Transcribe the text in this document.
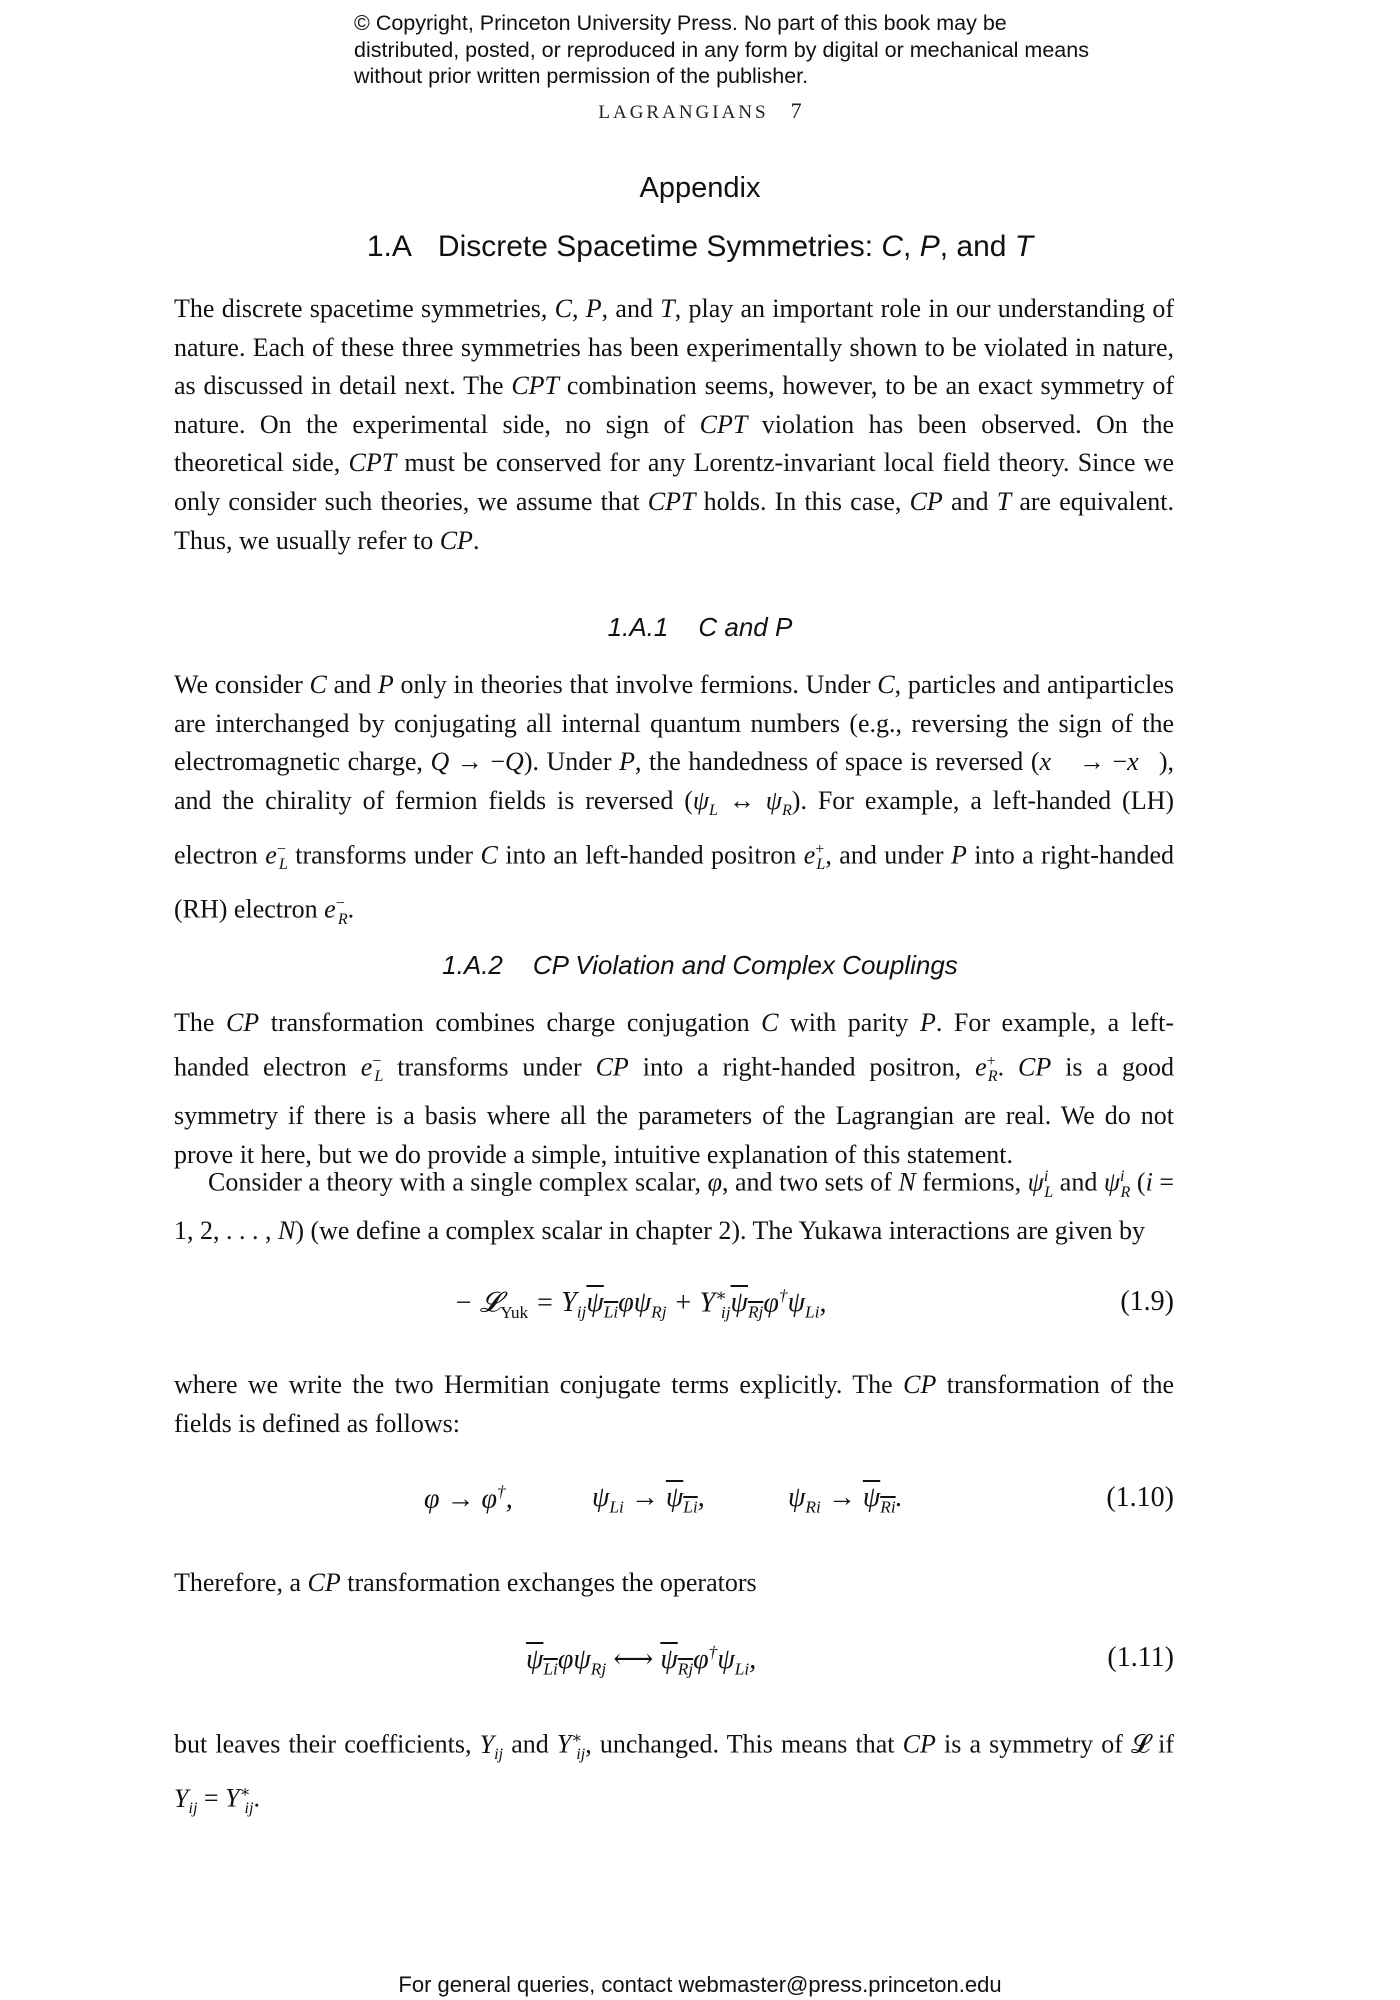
© Copyright, Princeton University Press. No part of this book may be distributed, posted, or reproduced in any form by digital or mechanical means without prior written permission of the publisher.
LAGRANGIANS 7
Appendix
1.A Discrete Spacetime Symmetries: C, P, and T
The discrete spacetime symmetries, C, P, and T, play an important role in our understanding of nature. Each of these three symmetries has been experimentally shown to be violated in nature, as discussed in detail next. The CPT combination seems, however, to be an exact symmetry of nature. On the experimental side, no sign of CPT violation has been observed. On the theoretical side, CPT must be conserved for any Lorentz-invariant local field theory. Since we only consider such theories, we assume that CPT holds. In this case, CP and T are equivalent. Thus, we usually refer to CP.
1.A.1 C and P
We consider C and P only in theories that involve fermions. Under C, particles and antiparticles are interchanged by conjugating all internal quantum numbers (e.g., reversing the sign of the electromagnetic charge, Q → −Q). Under P, the handedness of space is reversed (x⃗ → −x⃗), and the chirality of fermion fields is reversed ($\psi_L$ ↔ $\psi_R$). For example, a left-handed (LH) electron $e^-_L$ transforms under C into an left-handed positron $e^+_L$, and under P into a right-handed (RH) electron $e^-_R$.
1.A.2 CP Violation and Complex Couplings
The CP transformation combines charge conjugation C with parity P. For example, a left-handed electron $e^-_L$ transforms under CP into a right-handed positron, $e^+_R$. CP is a good symmetry if there is a basis where all the parameters of the Lagrangian are real. We do not prove it here, but we do provide a simple, intuitive explanation of this statement.
Consider a theory with a single complex scalar, φ, and two sets of N fermions, $\psi^i_L$ and $\psi^i_R$ (i = 1, 2, . . . , N) (we define a complex scalar in chapter 2). The Yukawa interactions are given by
− 𝓛$_{Yuk}$ = $Y_{ij}\psi_{Li}\varphi\psi_{Rj} + Y^∗_{ij}\psi_{Rj}\varphi^\dagger\psi_{Li}$,	(1.9)
where we write the two Hermitian conjugate terms explicitly. The CP transformation of the fields is defined as follows:
φ → φ†,	$\psi_{Li} \to \psi_{Li}$,	$\psi_{Ri} \to \psi_{Ri}$.	(1.10)
Therefore, a CP transformation exchanges the operators
$\psi_{Li}\varphi\psi_{Rj}$ ⟷ $\psi_{Rj}\varphi^\dagger\psi_{Li}$,	(1.11)
but leaves their coefficients, $Y_{ij}$ and $Y^∗_{ij}$, unchanged. This means that CP is a symmetry of 𝓛 if $Y_{ij} = Y^∗_{ij}$.
For general queries, contact webmaster@press.princeton.edu
